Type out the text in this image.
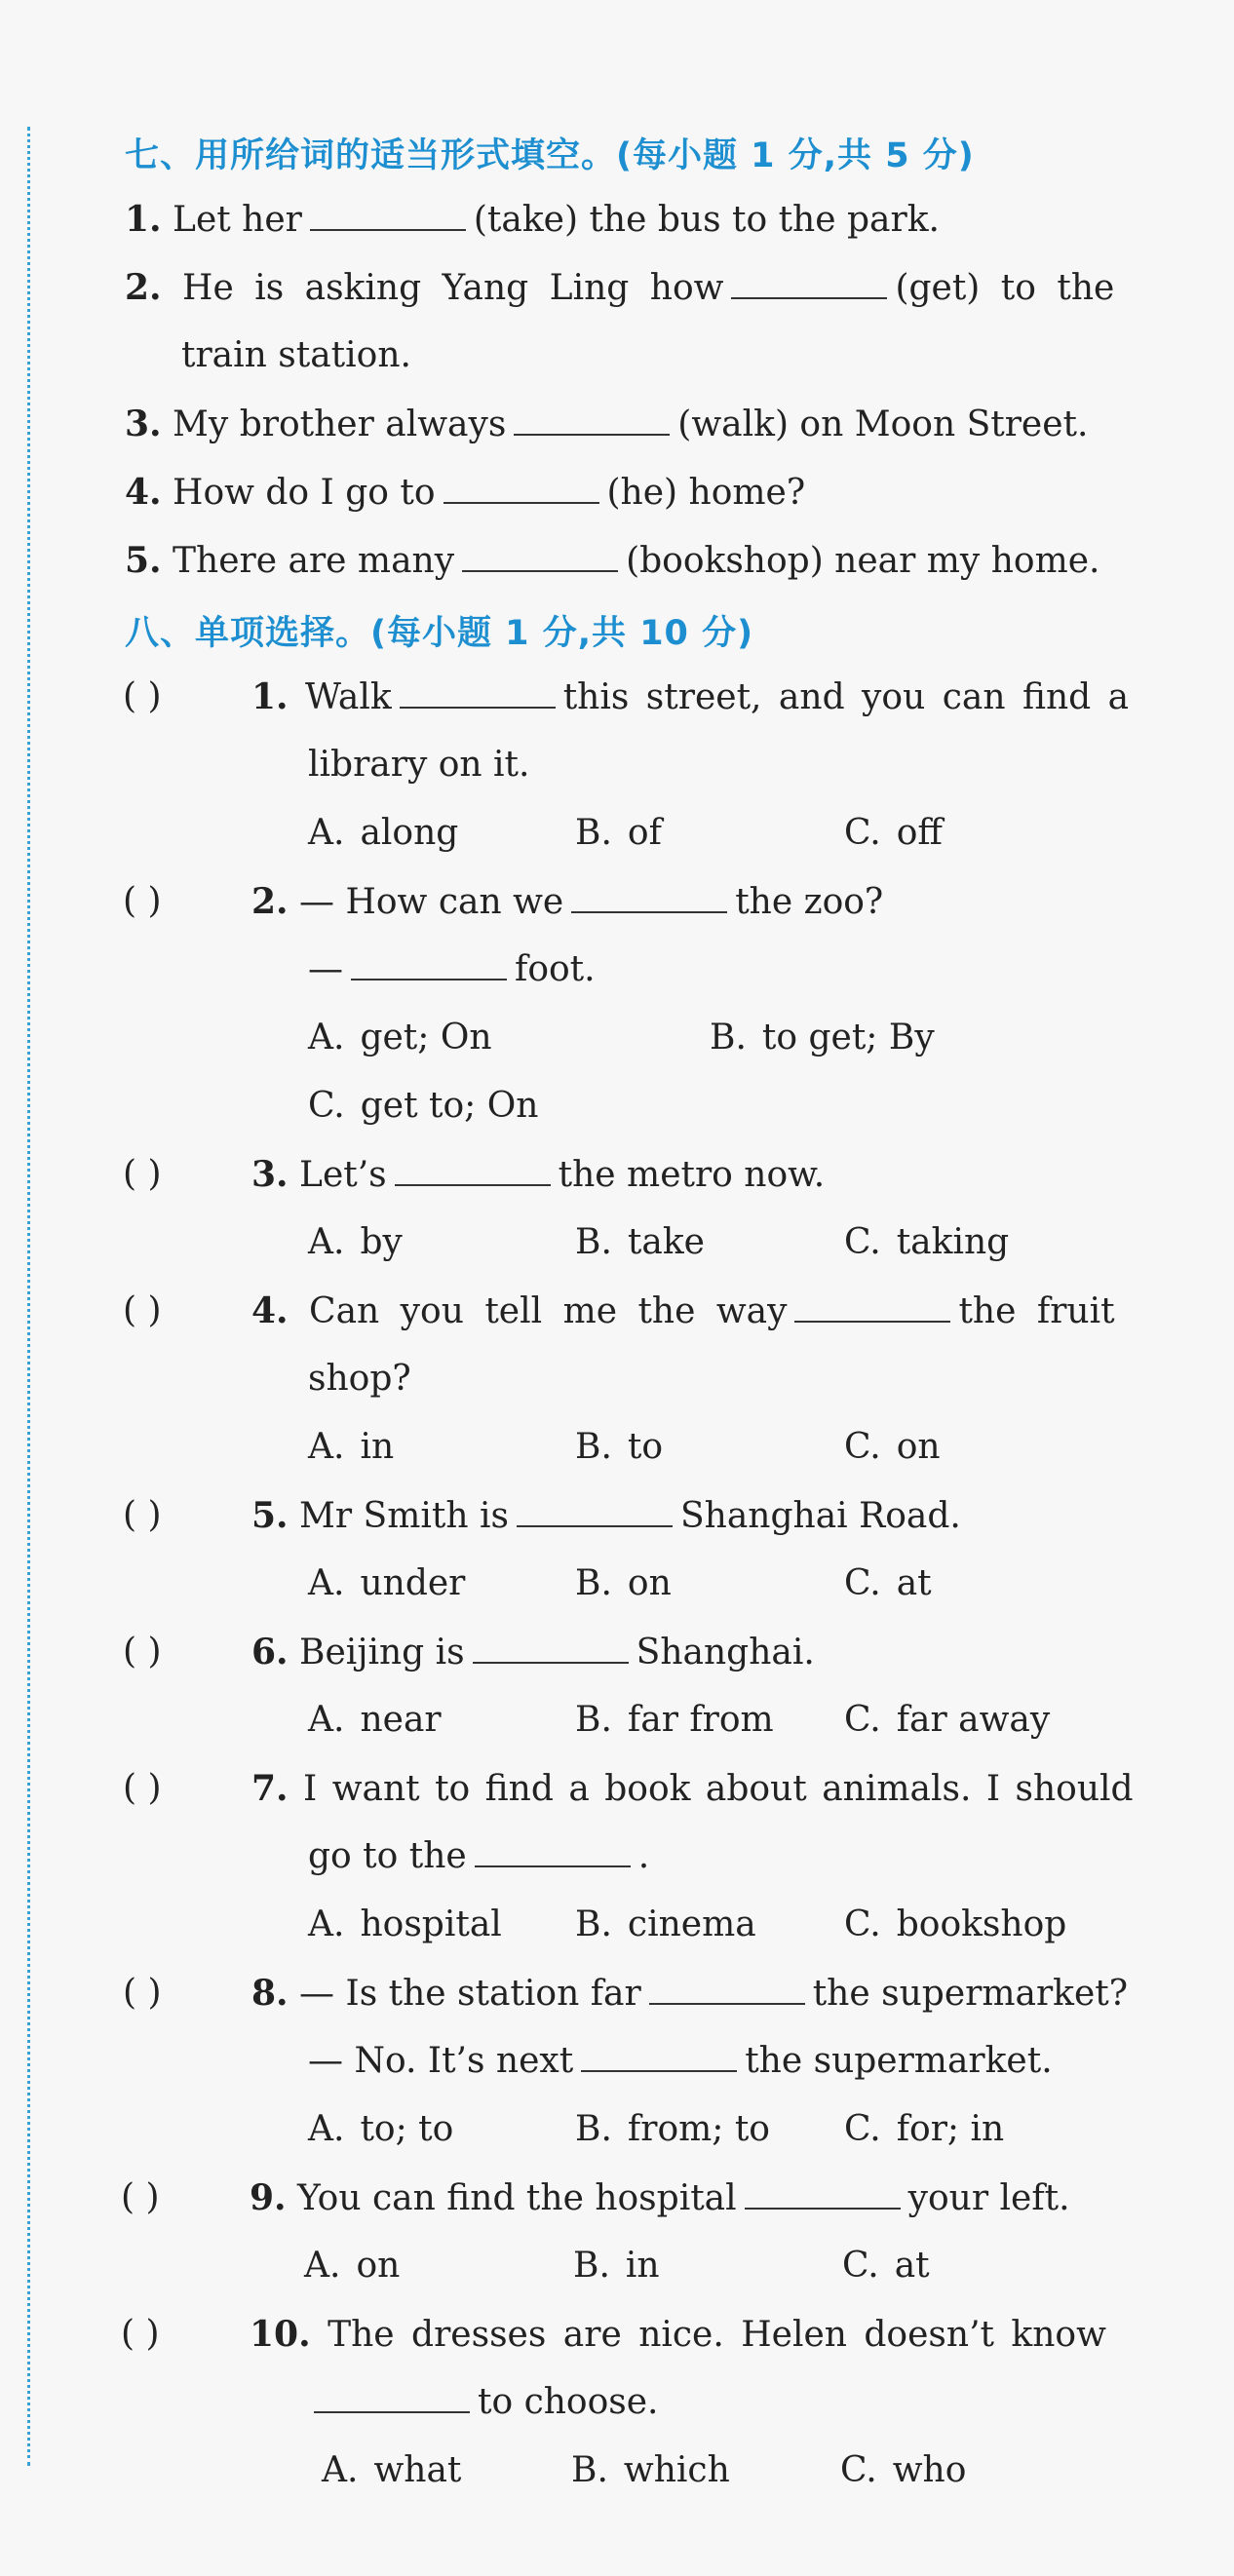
七、用所给词的适当形式填空。(每小题 1 分,共 5 分)
1. Let her	(take) the bus to the park.
2. He is asking Yang Ling how	(get) to the
train station.
3. My brother always	(walk) on Moon Street.
4. How do I go to	(he) home?
5. There are many	(bookshop) near my home.
八、单项选择。(每小题 1 分,共 10 分)
( )	1. Walk	this street, and you can find a
library on it.
A. along	B. of	C. off
( )	2. — How can we	the zoo?
—	foot.
A. get; On	B. to get; By
C. get to; On
( )	3. Let’s	the metro now.
A. by	B. take	C. taking
( )	4. Can you tell me the way	the fruit
shop?
A. in	B. to	C. on
( )	5. Mr Smith is	Shanghai Road.
A. under	B. on	C. at
( )	6. Beijing is	Shanghai.
A. near	B. far from C. far away
( )	7. I want to find a book about animals. I should
go to the	.
A. hospital B. cinema	C. bookshop
( )	8. — Is the station far	the supermarket?
— No. It’s next	the supermarket.
A. to; to	B. from; to C. for; in
( )	9. You can find the hospital	your left.
A. on	B. in	C. at
( )	10. The dresses are nice. Helen doesn’t know
to choose.
A. what	B. which	C. who
